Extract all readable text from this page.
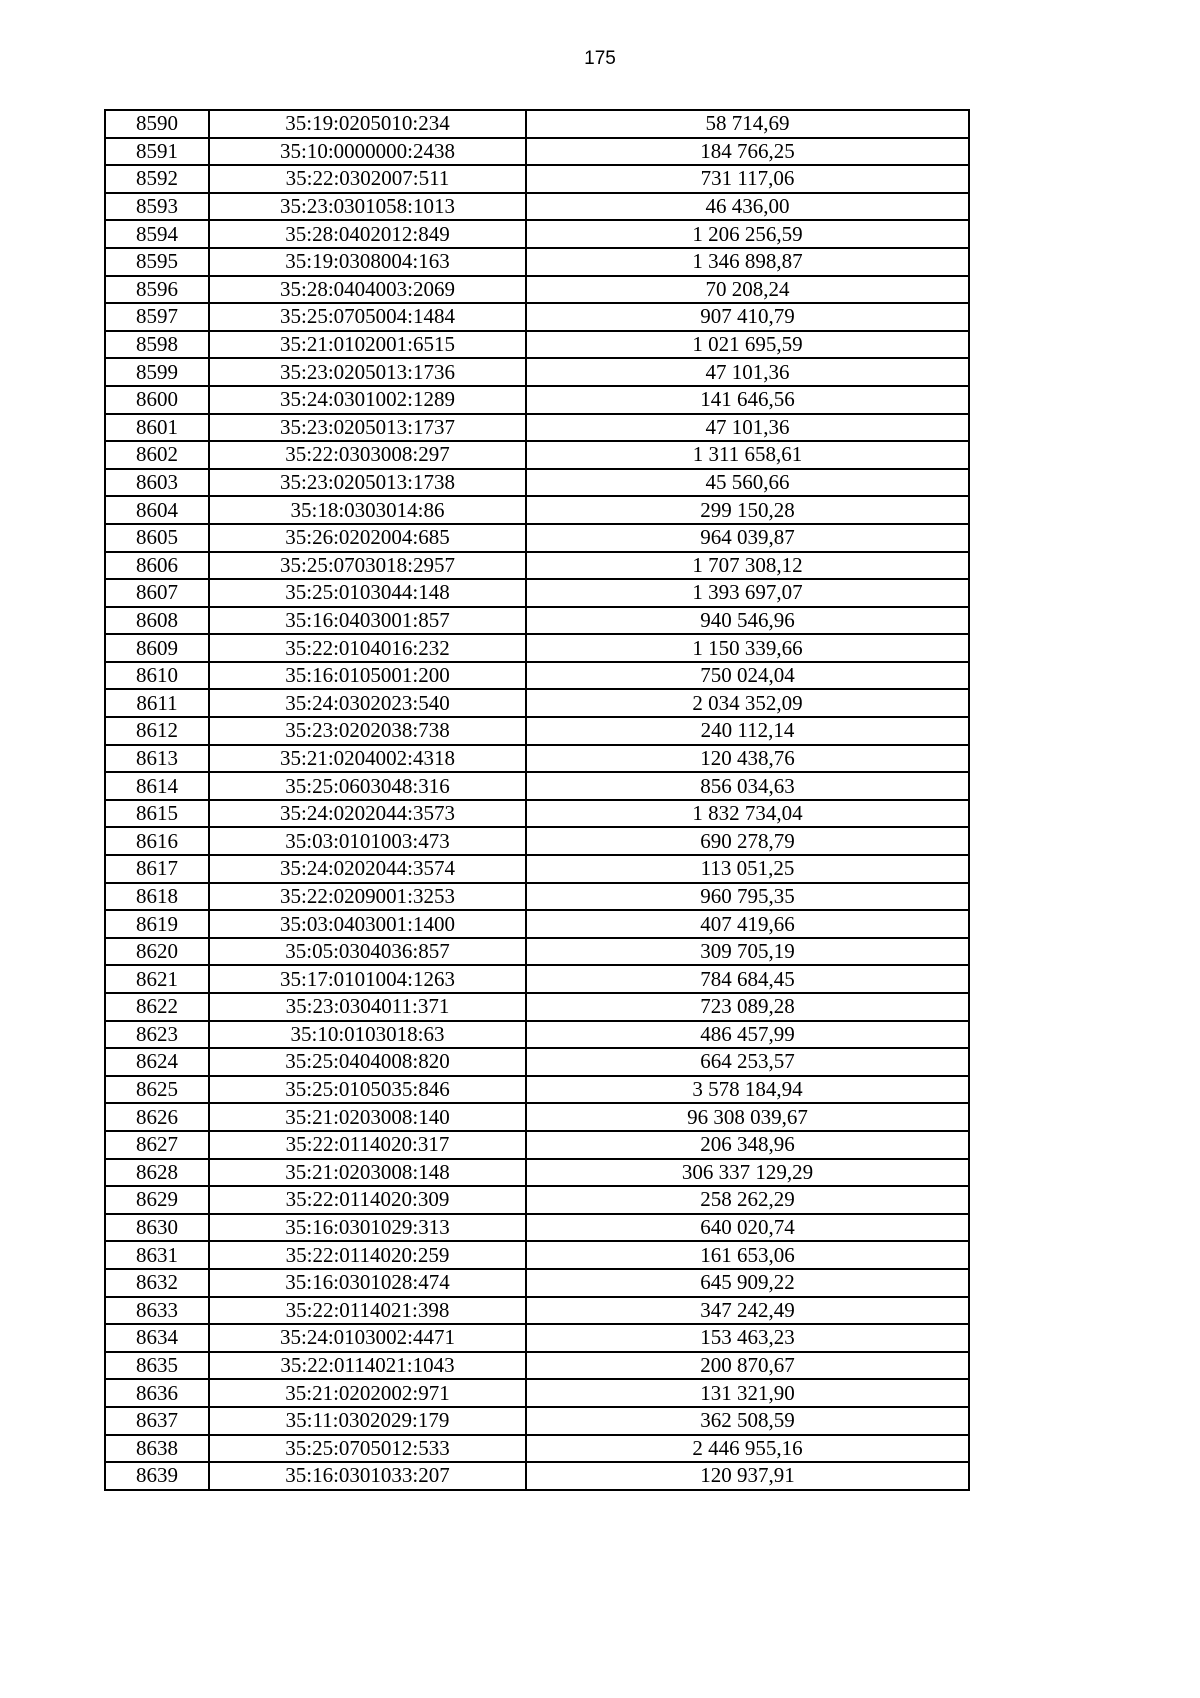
175
8590	35:19:0205010:234	58 714,69
8591	35:10:0000000:2438	184 766,25
8592	35:22:0302007:511	731 117,06
8593	35:23:0301058:1013	46 436,00
8594	35:28:0402012:849	1 206 256,59
8595	35:19:0308004:163	1 346 898,87
8596	35:28:0404003:2069	70 208,24
8597	35:25:0705004:1484	907 410,79
8598	35:21:0102001:6515	1 021 695,59
8599	35:23:0205013:1736	47 101,36
8600	35:24:0301002:1289	141 646,56
8601	35:23:0205013:1737	47 101,36
8602	35:22:0303008:297	1 311 658,61
8603	35:23:0205013:1738	45 560,66
8604	35:18:0303014:86	299 150,28
8605	35:26:0202004:685	964 039,87
8606	35:25:0703018:2957	1 707 308,12
8607	35:25:0103044:148	1 393 697,07
8608	35:16:0403001:857	940 546,96
8609	35:22:0104016:232	1 150 339,66
8610	35:16:0105001:200	750 024,04
8611	35:24:0302023:540	2 034 352,09
8612	35:23:0202038:738	240 112,14
8613	35:21:0204002:4318	120 438,76
8614	35:25:0603048:316	856 034,63
8615	35:24:0202044:3573	1 832 734,04
8616	35:03:0101003:473	690 278,79
8617	35:24:0202044:3574	113 051,25
8618	35:22:0209001:3253	960 795,35
8619	35:03:0403001:1400	407 419,66
8620	35:05:0304036:857	309 705,19
8621	35:17:0101004:1263	784 684,45
8622	35:23:0304011:371	723 089,28
8623	35:10:0103018:63	486 457,99
8624	35:25:0404008:820	664 253,57
8625	35:25:0105035:846	3 578 184,94
8626	35:21:0203008:140	96 308 039,67
8627	35:22:0114020:317	206 348,96
8628	35:21:0203008:148	306 337 129,29
8629	35:22:0114020:309	258 262,29
8630	35:16:0301029:313	640 020,74
8631	35:22:0114020:259	161 653,06
8632	35:16:0301028:474	645 909,22
8633	35:22:0114021:398	347 242,49
8634	35:24:0103002:4471	153 463,23
8635	35:22:0114021:1043	200 870,67
8636	35:21:0202002:971	131 321,90
8637	35:11:0302029:179	362 508,59
8638	35:25:0705012:533	2 446 955,16
8639	35:16:0301033:207	120 937,91
